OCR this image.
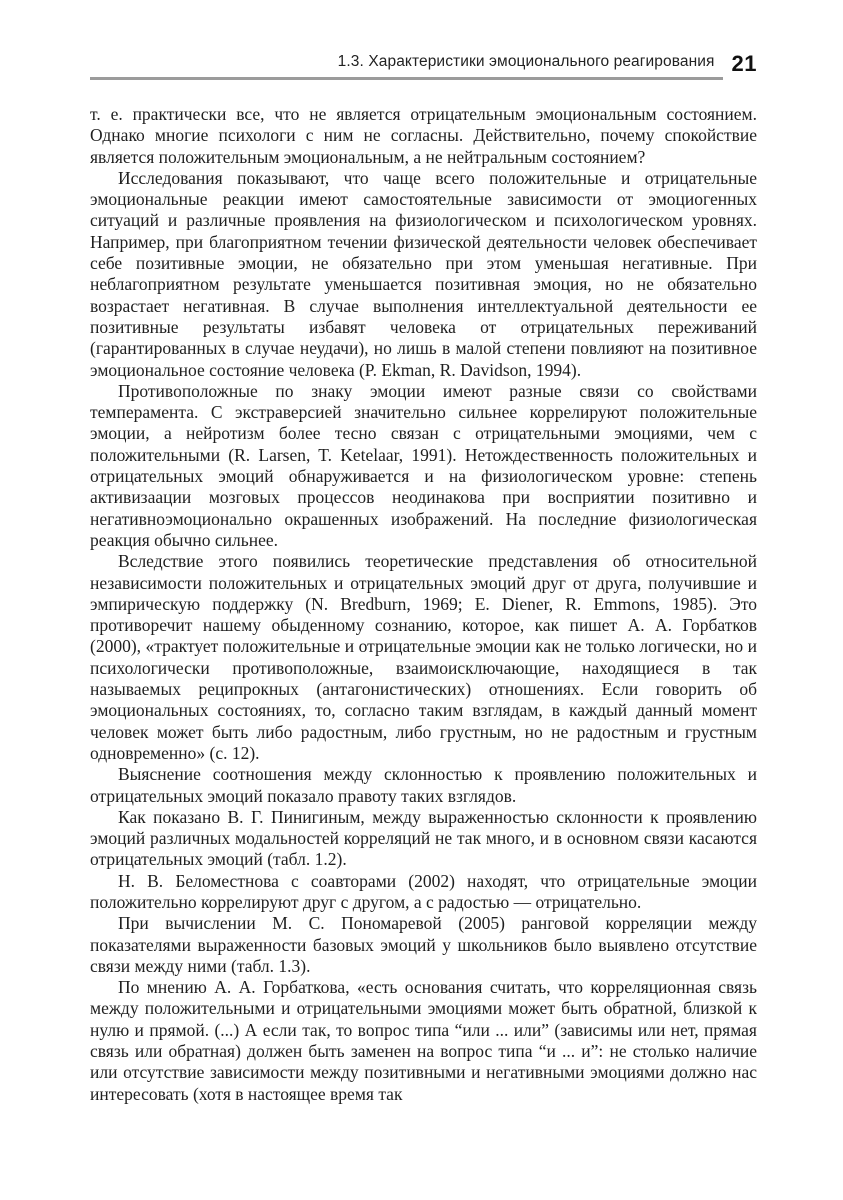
1.3. Характеристики эмоционального реагирования 21

т. е. практически все, что не является отрицательным эмоциональным состоянием. Однако многие психологи с ним не согласны. Действительно, почему спокойствие является положительным эмоциональным, а не нейтральным состоянием?

Исследования показывают, что чаще всего положительные и отрицательные эмоциональные реакции имеют самостоятельные зависимости от эмоциогенных ситуаций и различные проявления на физиологическом и психологическом уровнях. Например, при благоприятном течении физической деятельности человек обеспечивает себе позитивные эмоции, не обязательно при этом уменьшая негативные. При неблагоприятном результате уменьшается позитивная эмоция, но не обязательно возрастает негативная. В случае выполнения интеллектуальной деятельности ее позитивные результаты избавят человека от отрицательных переживаний (гарантированных в случае неудачи), но лишь в малой степени повлияют на позитивное эмоциональное состояние человека (P. Ekman, R. Davidson, 1994).

Противоположные по знаку эмоции имеют разные связи со свойствами темперамента. С экстраверсией значительно сильнее коррелируют положительные эмоции, а нейротизм более тесно связан с отрицательными эмоциями, чем с положительными (R. Larsen, T. Ketelaar, 1991). Нетождественность положительных и отрицательных эмоций обнаруживается и на физиологическом уровне: степень активизаации мозговых процессов неодинакова при восприятии позитивно и негативноэмоционально окрашенных изображений. На последние физиологическая реакция обычно сильнее.

Вследствие этого появились теоретические представления об относительной независимости положительных и отрицательных эмоций друг от друга, получившие и эмпирическую поддержку (N. Bredburn, 1969; E. Diener, R. Emmons, 1985). Это противоречит нашему обыденному сознанию, которое, как пишет А. А. Горбатков (2000), «трактует положительные и отрицательные эмоции как не только логически, но и психологически противоположные, взаимоисключающие, находящиеся в так называемых реципрокных (антагонистических) отношениях. Если говорить об эмоциональных состояниях, то, согласно таким взглядам, в каждый данный момент человек может быть либо радостным, либо грустным, но не радостным и грустным одновременно» (с. 12).

Выяснение соотношения между склонностью к проявлению положительных и отрицательных эмоций показало правоту таких взглядов.

Как показано В. Г. Пинигиным, между выраженностью склонности к проявлению эмоций различных модальностей корреляций не так много, и в основном связи касаются отрицательных эмоций (табл. 1.2).

Н. В. Беломестнова с соавторами (2002) находят, что отрицательные эмоции положительно коррелируют друг с другом, а с радостью — отрицательно.

При вычислении М. С. Пономаревой (2005) ранговой корреляции между показателями выраженности базовых эмоций у школьников было выявлено отсутствие связи между ними (табл. 1.3).

По мнению А. А. Горбаткова, «есть основания считать, что корреляционная связь между положительными и отрицательными эмоциями может быть обратной, близкой к нулю и прямой. (...) А если так, то вопрос типа “или ... или” (зависимы или нет, прямая связь или обратная) должен быть заменен на вопрос типа “и ... и”: не столько наличие или отсутствие зависимости между позитивными и негативными эмоциями должно нас интересовать (хотя в настоящее время так
